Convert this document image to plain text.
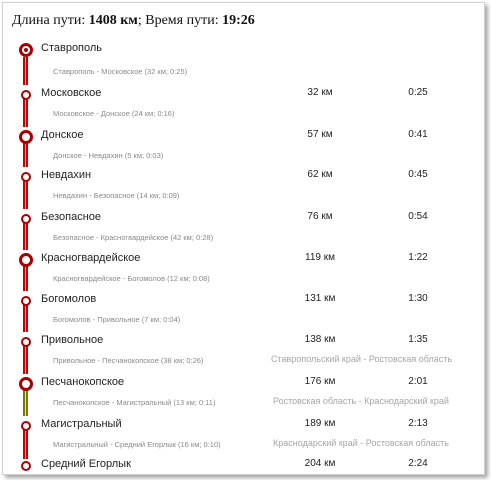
Длина пути: 1408 км; Время пути: 19:26
Ставрополь
Ставрополь - Московское (32 км; 0:25)
Московское	32 км	0:25
Московское - Донское (24 км; 0:16)
Донское	57 км	0:41
Донское - Невдахин (5 км; 0:03)
Невдахин	62 км	0:45
Невдахин - Безопасное (14 км; 0:09)
Безопасное	76 км	0:54
Безопасное - Красногвардейское (42 км; 0:28)
Красногвардейское	119 км	1:22
Красногвардейское - Богомолов (12 км; 0:08)
Богомолов	131 км	1:30
Богомолов - Привольное (7 км; 0:04)
Привольное	138 км	1:35
Привольное - Песчанокопское (38 км; 0:26)	Ставропольский край - Ростовская область
Песчанокопское	176 км	2:01
Песчанокопское - Магистральный (13 км; 0:11)	Ростовская область - Краснодарский край
Магистральный	189 км	2:13
Магистральный - Средний Егорлык (16 км; 0:10)	Краснодарский край - Ростовская область
Средний Егорлык	204 км	2:24
